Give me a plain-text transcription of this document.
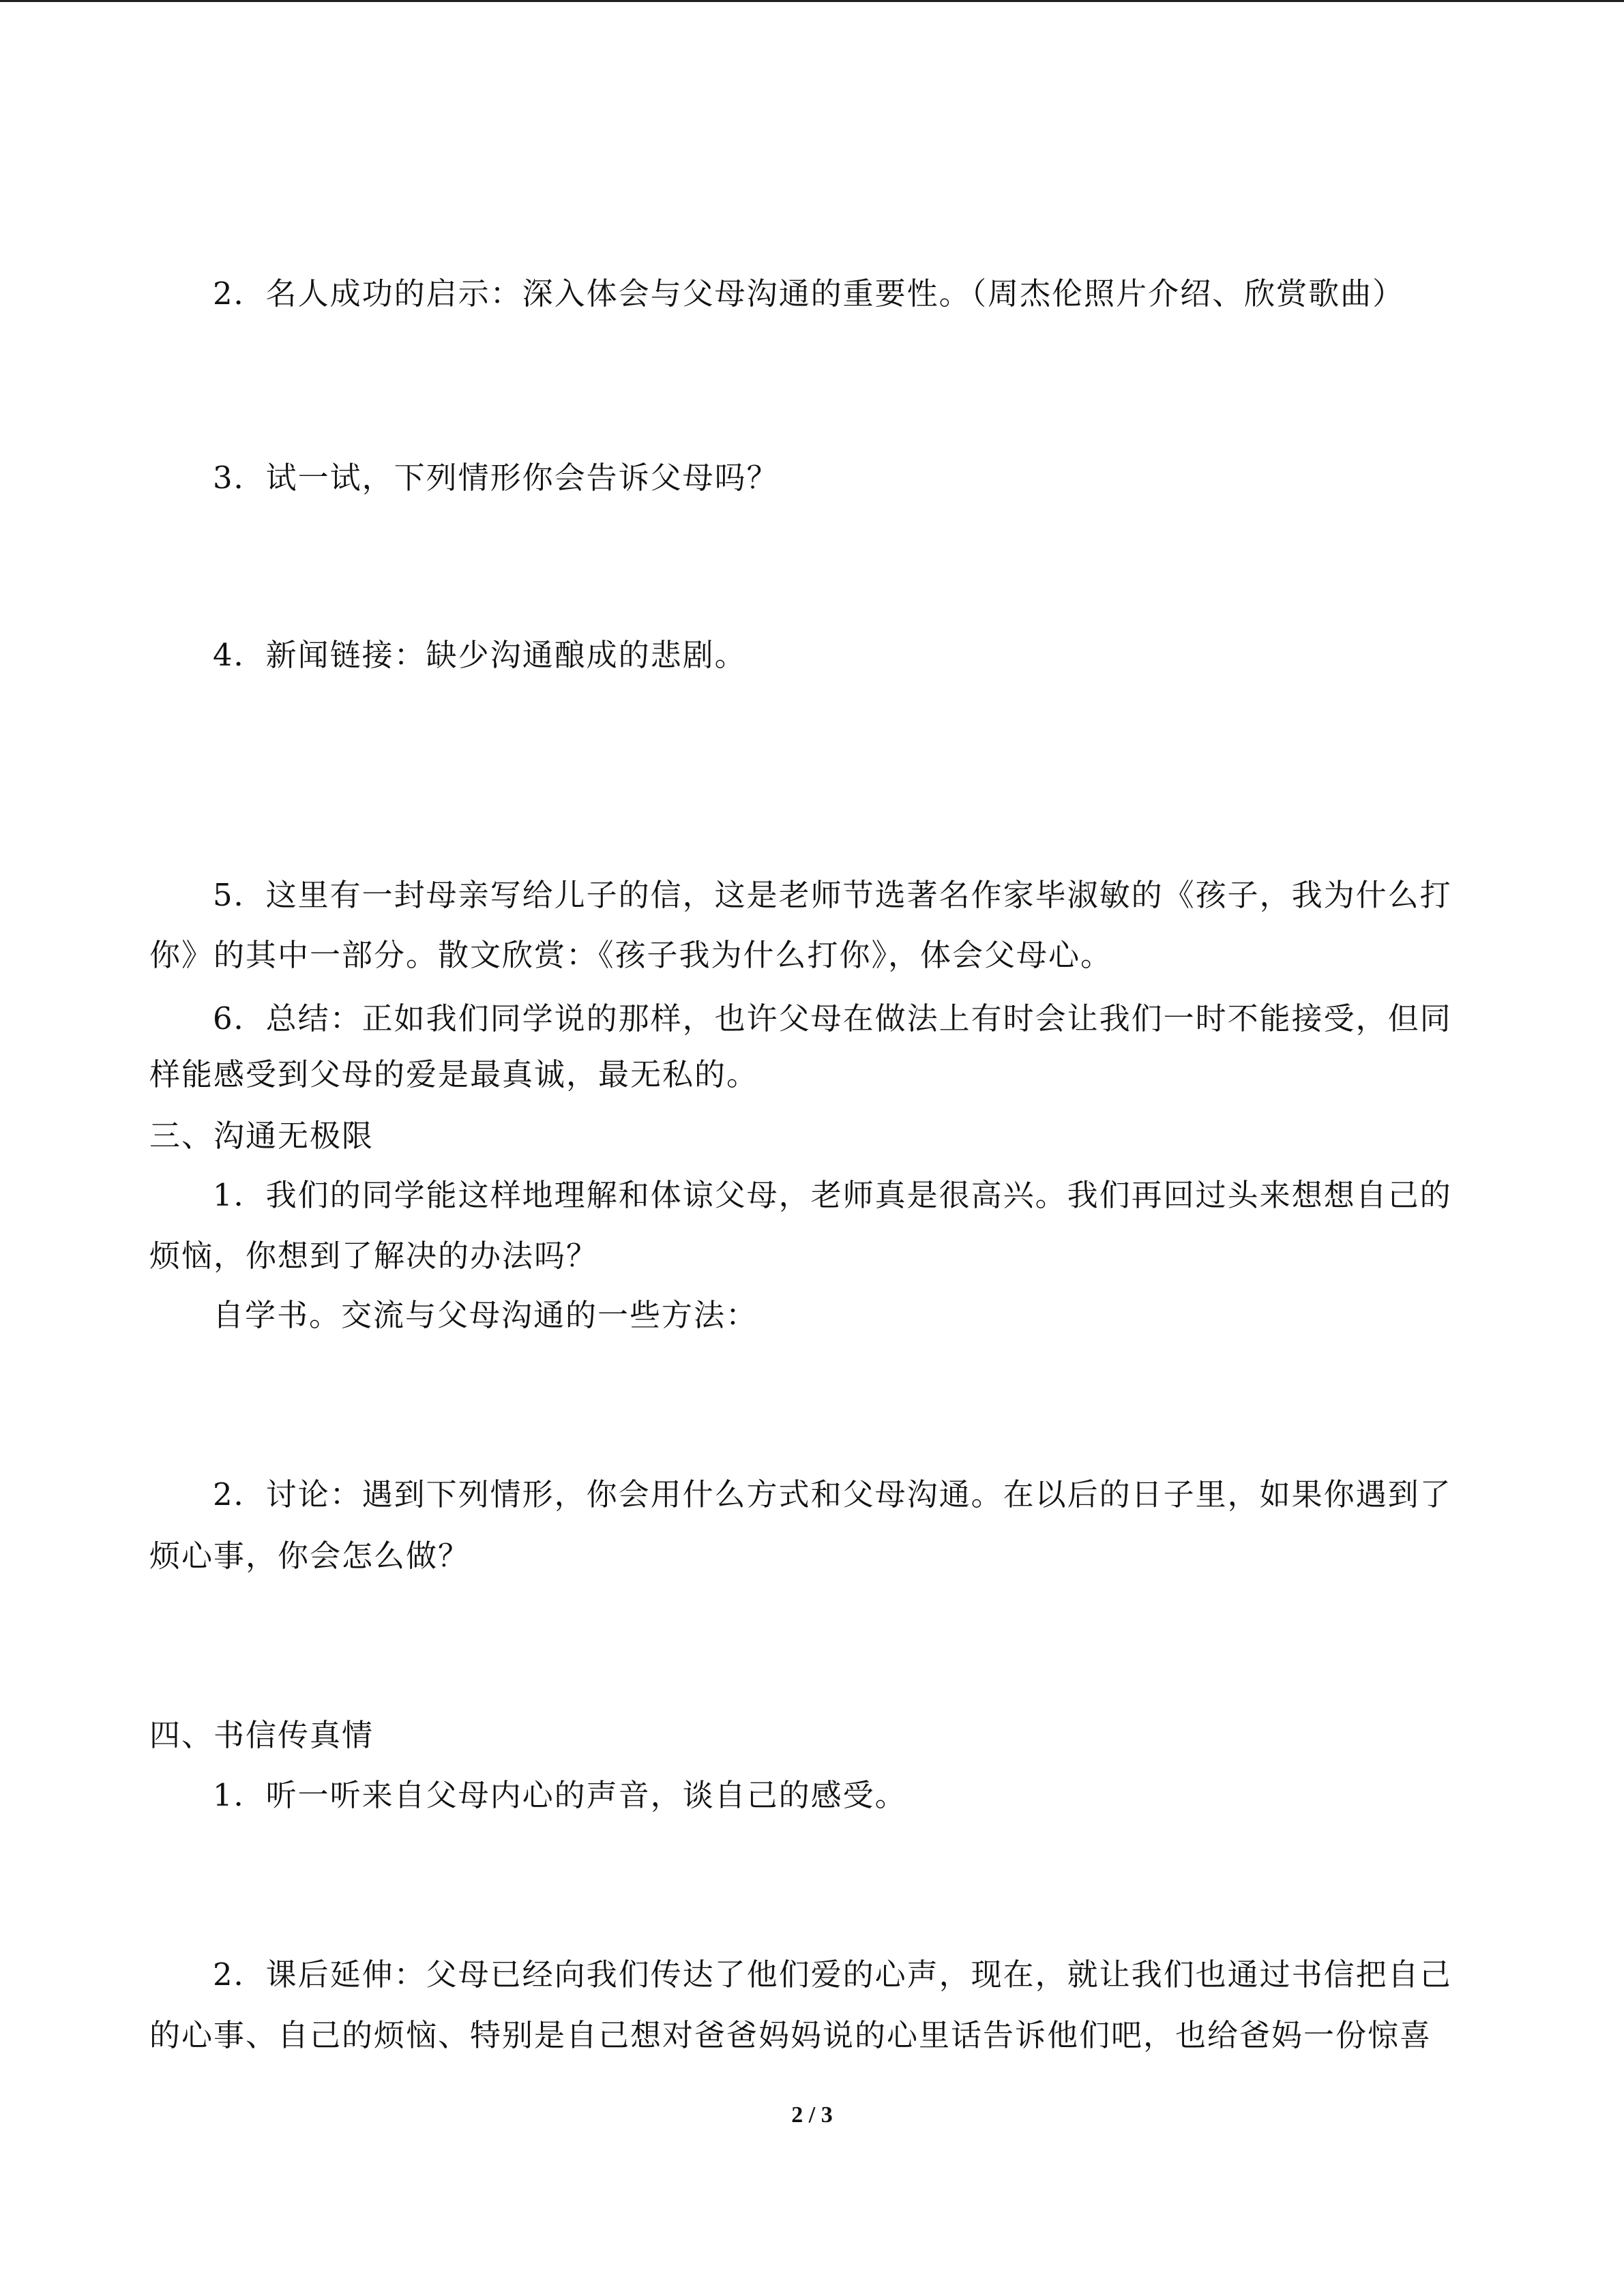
2．名人成功的启示：深入体会与父母沟通的重要性。（周杰伦照片介绍、欣赏歌曲）
3．试一试，下列情形你会告诉父母吗？
4．新闻链接：缺少沟通酿成的悲剧。
5．这里有一封母亲写给儿子的信，这是老师节选著名作家毕淑敏的《孩子，我为什么打
你》的其中一部分。散文欣赏：《孩子我为什么打你》，体会父母心。
6．总结：正如我们同学说的那样，也许父母在做法上有时会让我们一时不能接受，但同
样能感受到父母的爱是最真诚，最无私的。
三、沟通无极限
1．我们的同学能这样地理解和体谅父母，老师真是很高兴。我们再回过头来想想自己的
烦恼，你想到了解决的办法吗？
自学书。交流与父母沟通的一些方法：
2．讨论：遇到下列情形，你会用什么方式和父母沟通。在以后的日子里，如果你遇到了
烦心事，你会怎么做？
四、书信传真情
1．听一听来自父母内心的声音，谈自己的感受。
2．课后延伸：父母已经向我们传达了他们爱的心声，现在，就让我们也通过书信把自己
的心事、自己的烦恼、特别是自己想对爸爸妈妈说的心里话告诉他们吧，也给爸妈一份惊喜
2 / 3
